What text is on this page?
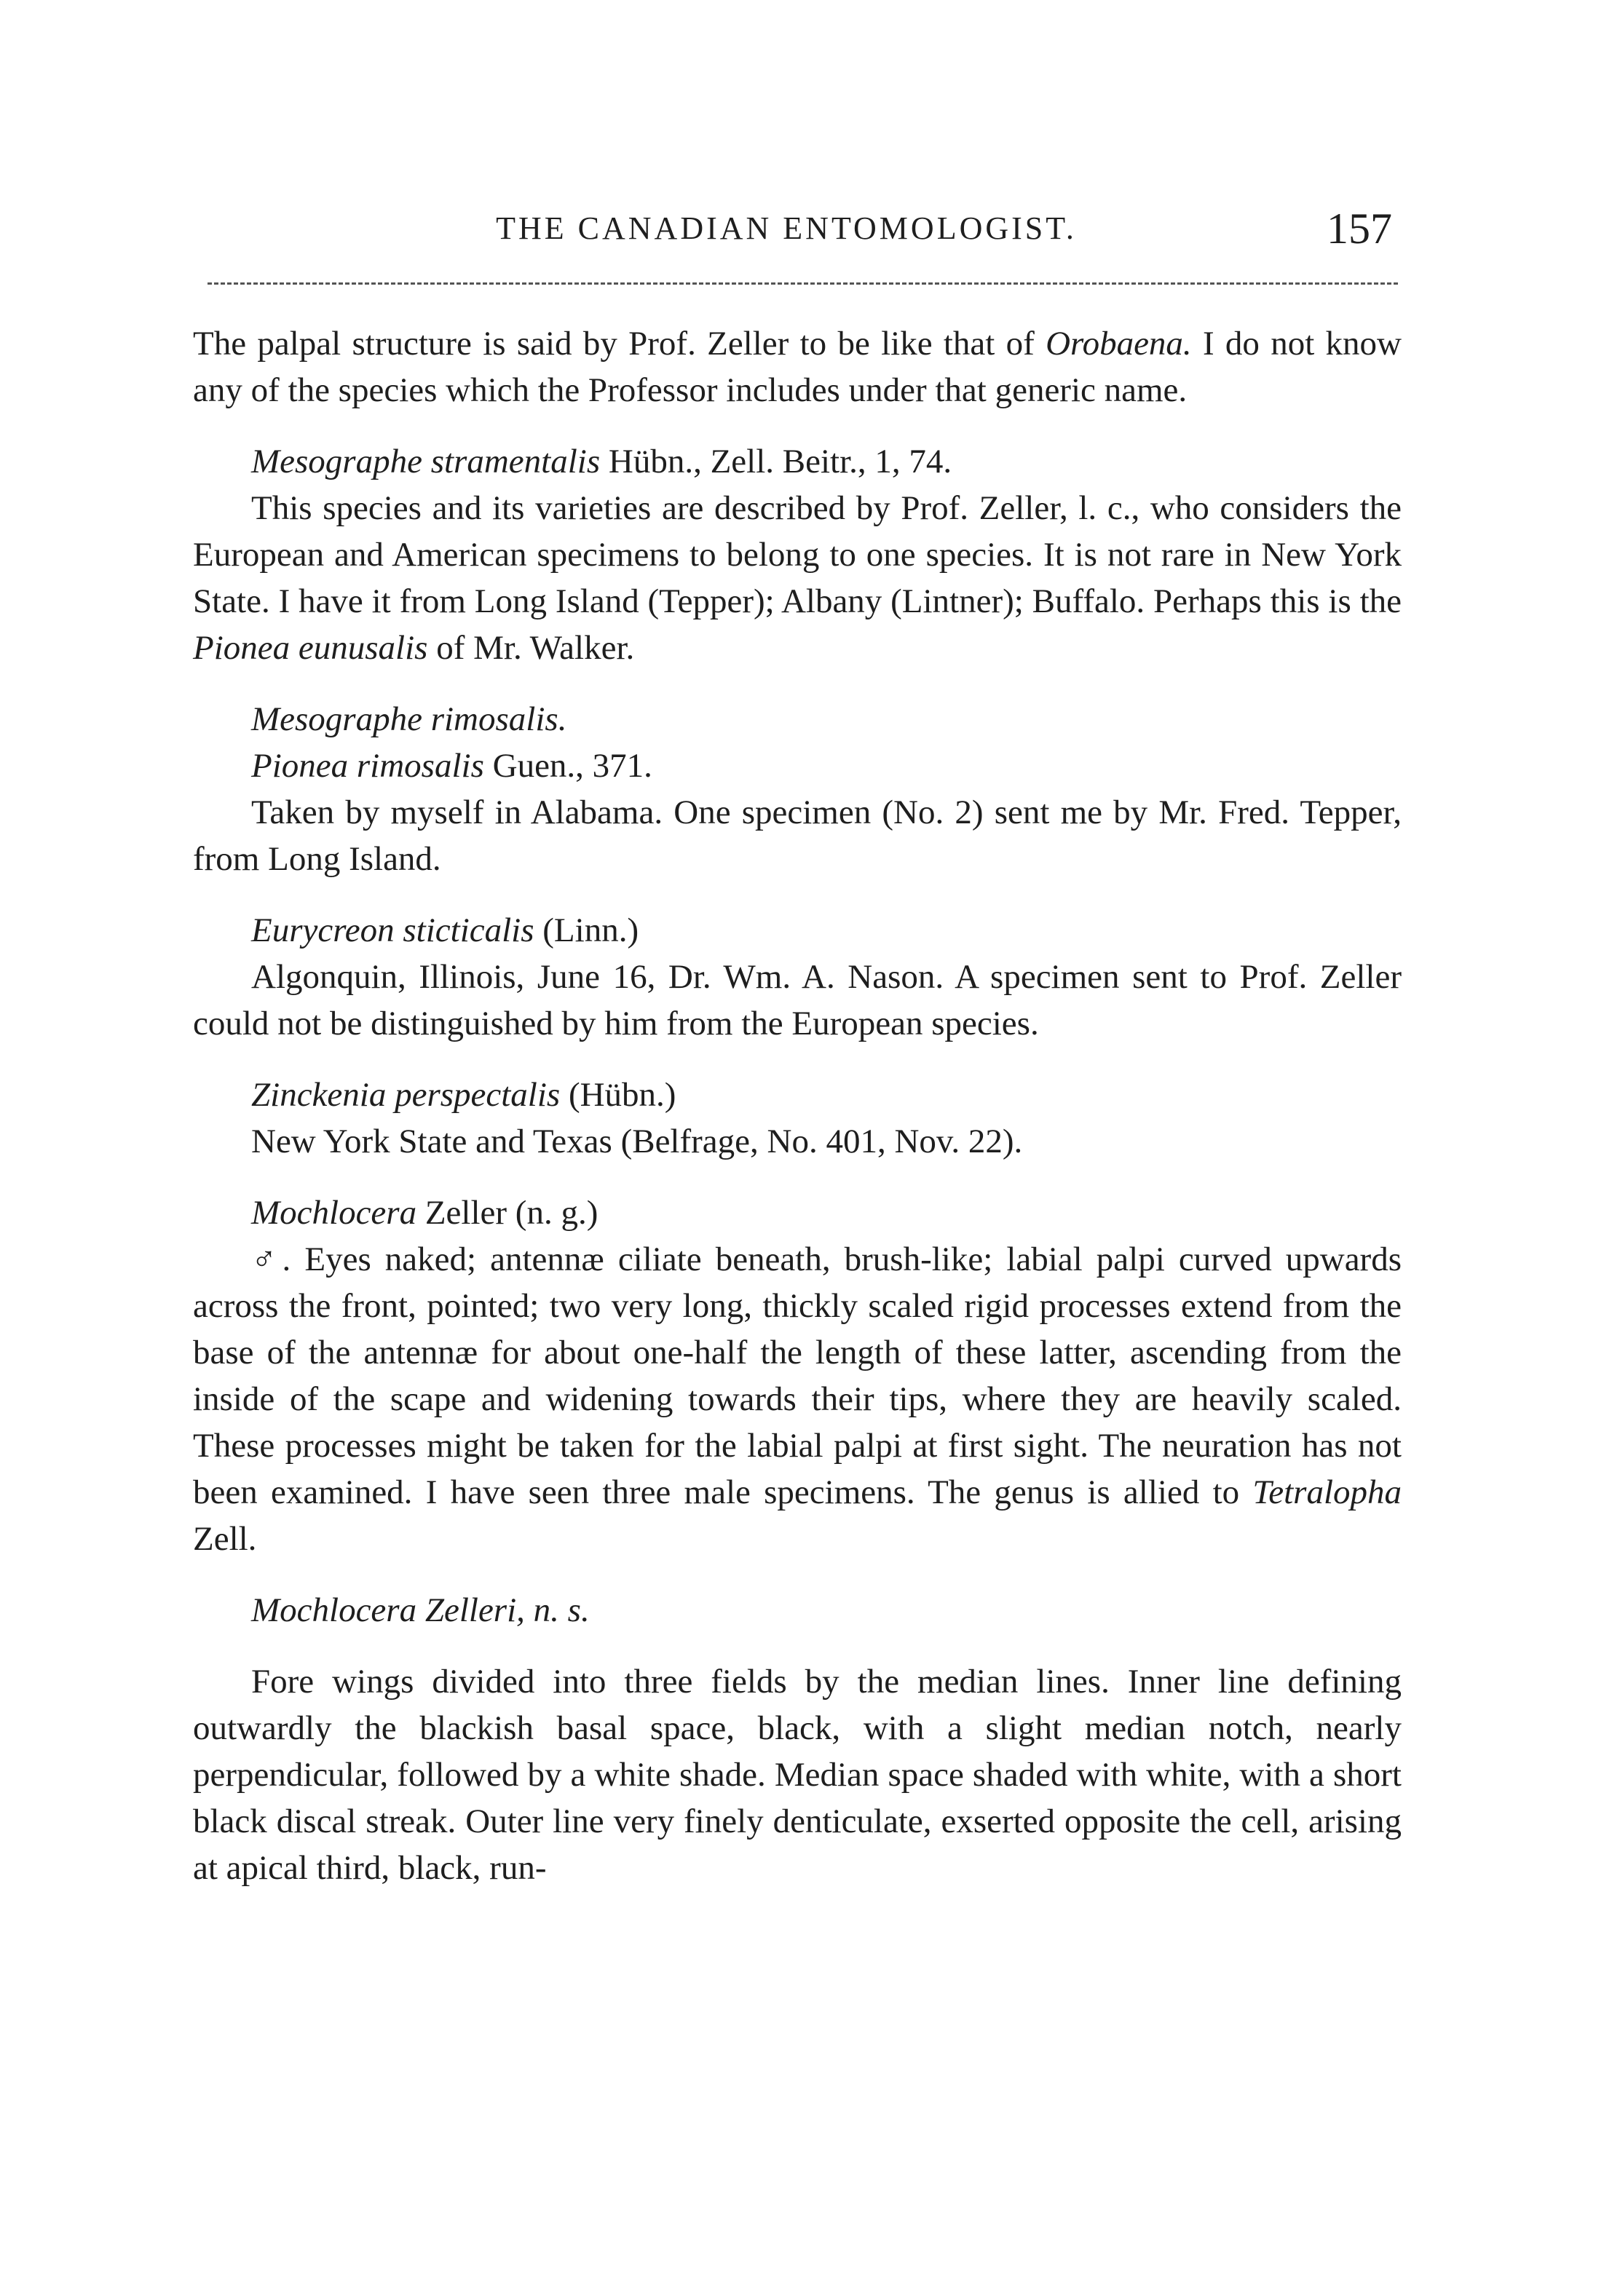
THE CANADIAN ENTOMOLOGIST.	157

The palpal structure is said by Prof. Zeller to be like that of Orobaena. I do not know any of the species which the Professor includes under that generic name.

Mesographe stramentalis Hübn., Zell. Beitr., 1, 74.

This species and its varieties are described by Prof. Zeller, l. c., who considers the European and American specimens to belong to one species. It is not rare in New York State. I have it from Long Island (Tepper); Albany (Lintner); Buffalo. Perhaps this is the Pionea eunusalis of Mr. Walker.

Mesographe rimosalis.

Pionea rimosalis Guen., 371.

Taken by myself in Alabama. One specimen (No. 2) sent me by Mr. Fred. Tepper, from Long Island.

Eurycreon sticticalis (Linn.)

Algonquin, Illinois, June 16, Dr. Wm. A. Nason. A specimen sent to Prof. Zeller could not be distinguished by him from the European species.

Zinckenia perspectalis (Hübn.)

New York State and Texas (Belfrage, No. 401, Nov. 22).

Mochlocera Zeller (n. g.)

♂. Eyes naked; antennæ ciliate beneath, brush-like; labial palpi curved upwards across the front, pointed; two very long, thickly scaled rigid processes extend from the base of the antennæ for about one-half the length of these latter, ascending from the inside of the scape and widening towards their tips, where they are heavily scaled. These processes might be taken for the labial palpi at first sight. The neuration has not been examined. I have seen three male specimens. The genus is allied to Tetralopha Zell.

Mochlocera Zelleri, n. s.

Fore wings divided into three fields by the median lines. Inner line defining outwardly the blackish basal space, black, with a slight median notch, nearly perpendicular, followed by a white shade. Median space shaded with white, with a short black discal streak. Outer line very finely denticulate, exserted opposite the cell, arising at apical third, black, run-
